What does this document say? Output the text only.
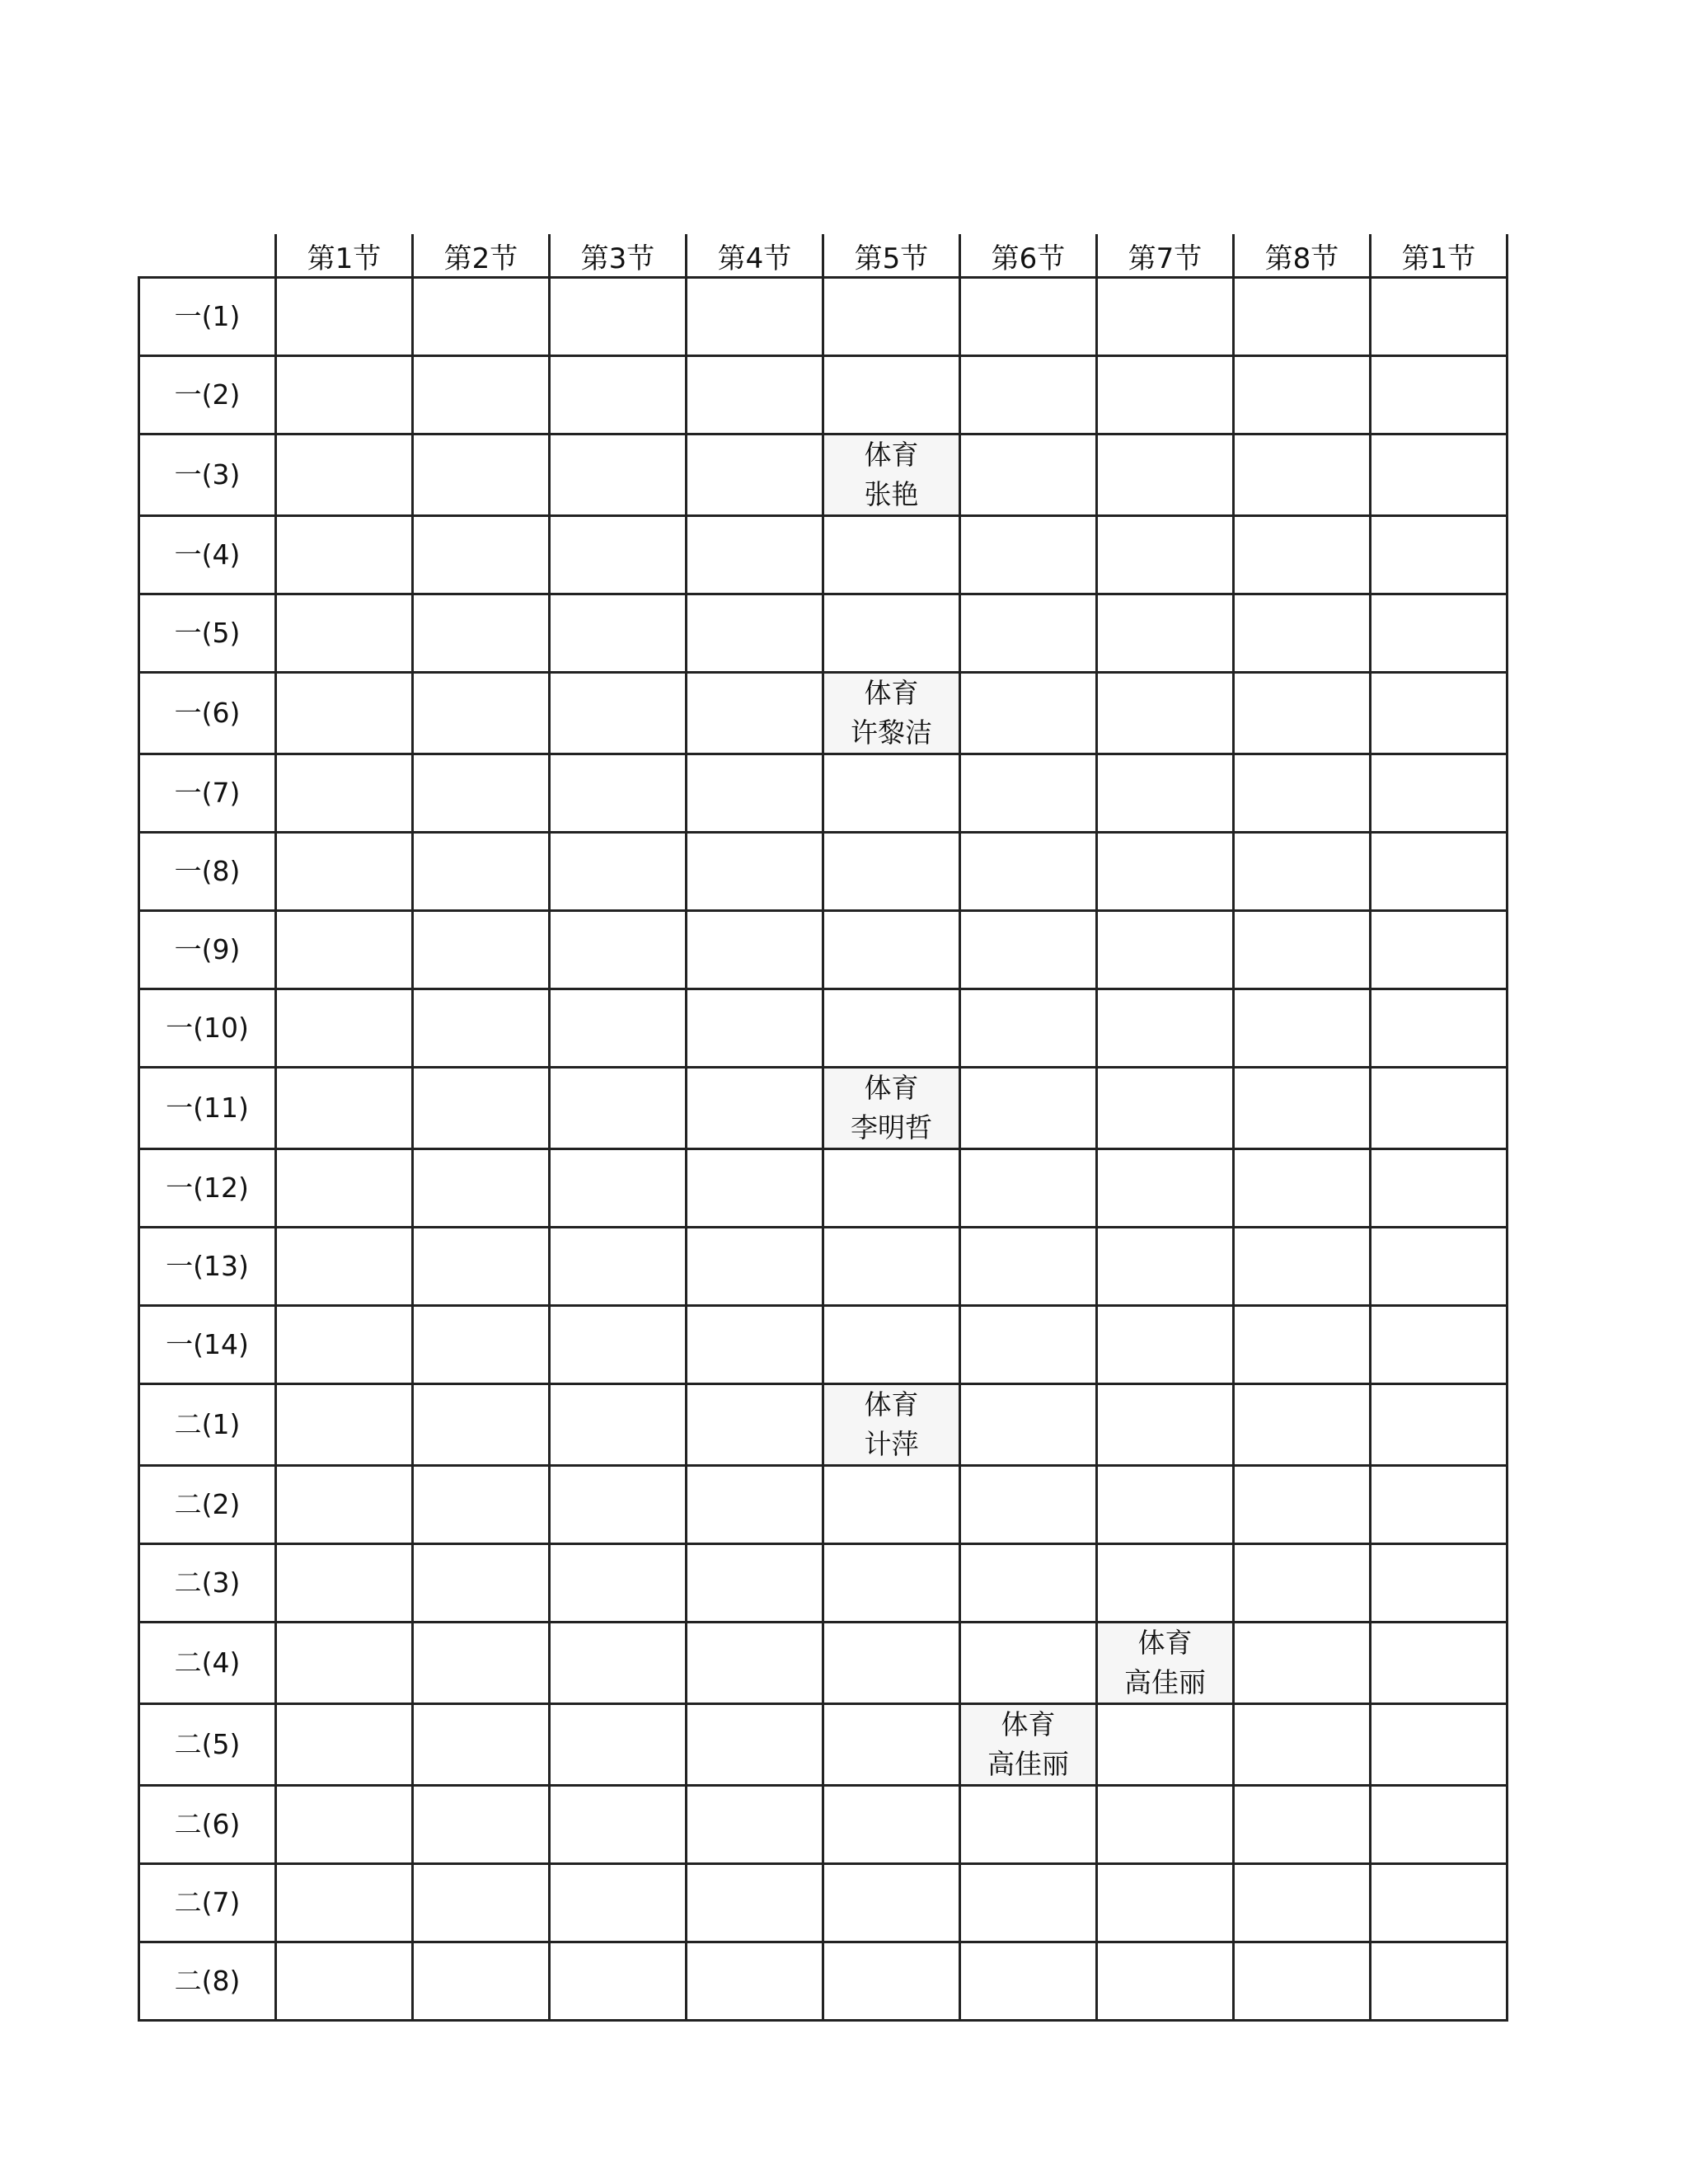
	第1节	第2节	第3节	第4节	第5节	第6节	第7节	第8节	第1节
一(1)									
一(2)									
一(3)					体育
张艳				

一(4)									
一(5)									
一(6)					体育
许黎洁				

一(7)									
一(8)									
一(9)									
一(10)									
一(11)					体育
李明哲				

一(12)									
一(13)									
一(14)									
二(1)					体育
计萍				

二(2)									
二(3)									
二(4)							体育
高佳丽		

二(5)						体育
高佳丽			

二(6)									
二(7)									
二(8)									
